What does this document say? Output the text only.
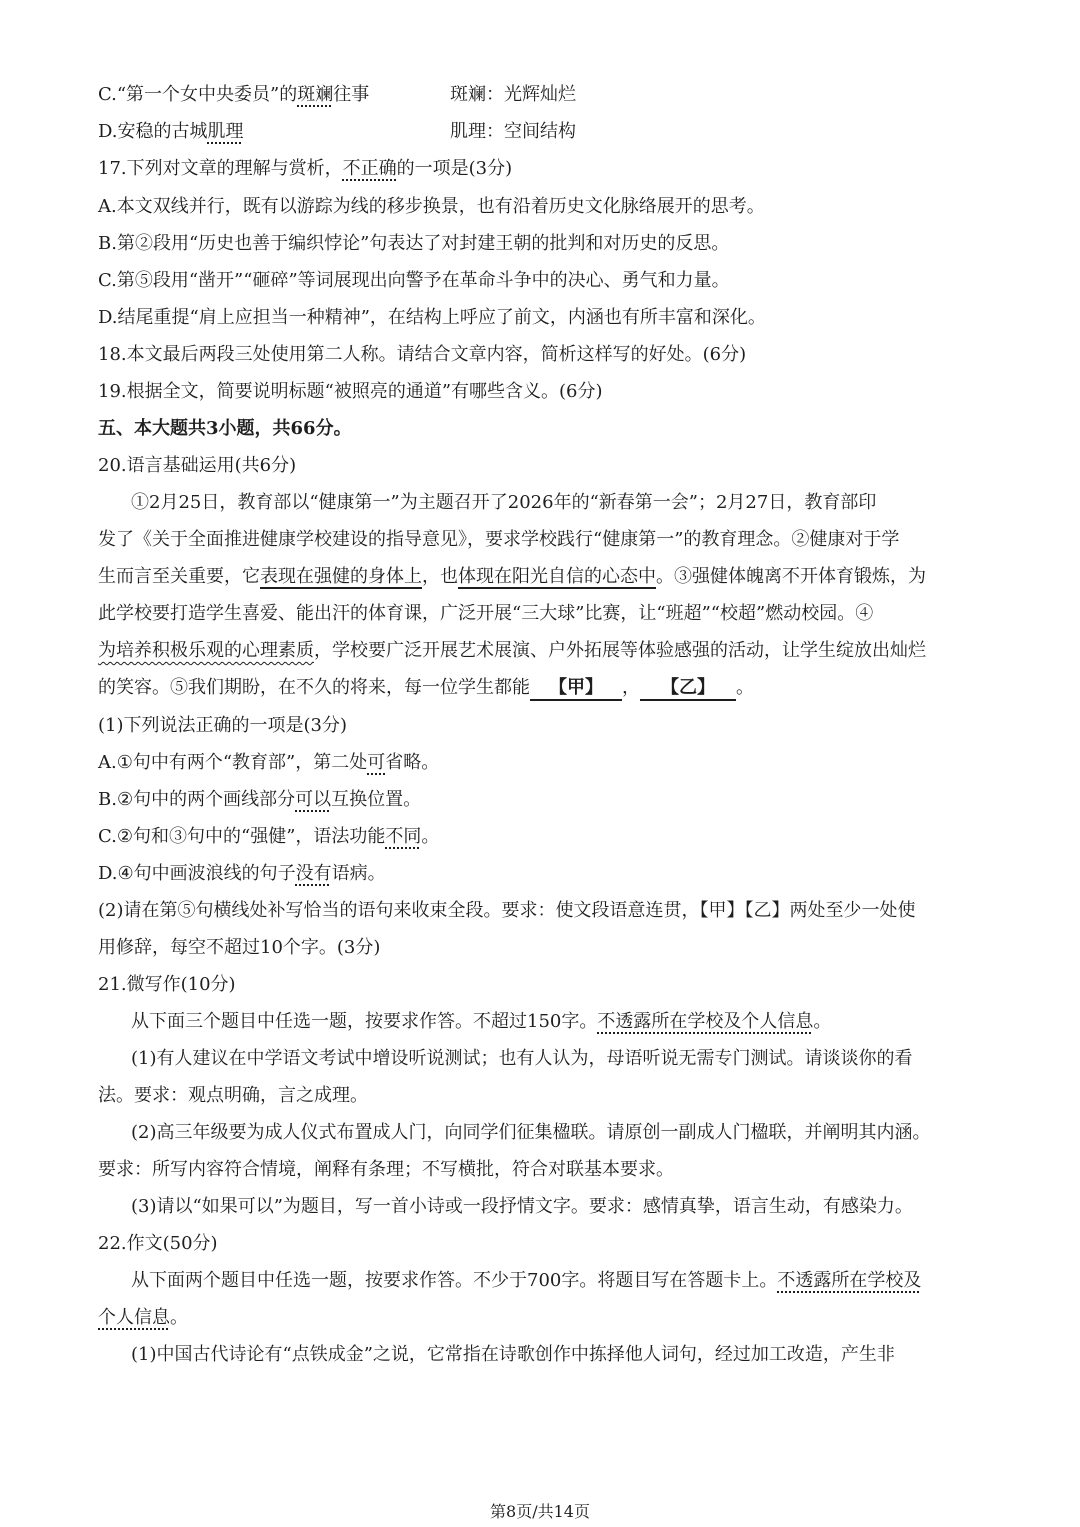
C.“第一个女中央委员”的斑斓往事	斑斓：光辉灿烂
D.安稳的古城肌理	肌理：空间结构
17.下列对文章的理解与赏析，不正确的一项是(3分)
A.本文双线并行，既有以游踪为线的移步换景，也有沿着历史文化脉络展开的思考。
B.第②段用“历史也善于编织悖论”句表达了对封建王朝的批判和对历史的反思。
C.第⑤段用“凿开”“砸碎”等词展现出向警予在革命斗争中的决心、勇气和力量。
D.结尾重提“肩上应担当一种精神”，在结构上呼应了前文，内涵也有所丰富和深化。
18.本文最后两段三处使用第二人称。请结合文章内容，简析这样写的好处。(6分)
19.根据全文，简要说明标题“被照亮的通道”有哪些含义。(6分)
五、本大题共3小题，共66分。
20.语言基础运用(共6分)
①2月25日，教育部以“健康第一”为主题召开了2026年的“新春第一会”；2月27日，教育部印
发了《关于全面推进健康学校建设的指导意见》，要求学校践行“健康第一”的教育理念。②健康对于学
生而言至关重要，它表现在强健的身体上，也体现在阳光自信的心态中。③强健体魄离不开体育锻炼，为
此学校要打造学生喜爱、能出汗的体育课，广泛开展“三大球”比赛，让“班超”“校超”燃动校园。④
为培养积极乐观的心理素质，学校要广泛开展艺术展演、户外拓展等体验感强的活动，让学生绽放出灿烂
的笑容。⑤我们期盼，在不久的将来，每一位学生都能 【甲】 ， 【乙】 。
(1)下列说法正确的一项是(3分)
A.①句中有两个“教育部”，第二处可省略。
B.②句中的两个画线部分可以互换位置。
C.②句和③句中的“强健”，语法功能不同。
D.④句中画波浪线的句子没有语病。
(2)请在第⑤句横线处补写恰当的语句来收束全段。要求：使文段语意连贯，【甲】【乙】两处至少一处使
用修辞，每空不超过10个字。(3分)
21.微写作(10分)
从下面三个题目中任选一题，按要求作答。不超过150字。不透露所在学校及个人信息。
(1)有人建议在中学语文考试中增设听说测试；也有人认为，母语听说无需专门测试。请谈谈你的看
法。要求：观点明确，言之成理。
(2)高三年级要为成人仪式布置成人门，向同学们征集楹联。请原创一副成人门楹联，并阐明其内涵。
要求：所写内容符合情境，阐释有条理；不写横批，符合对联基本要求。
(3)请以“如果可以”为题目，写一首小诗或一段抒情文字。要求：感情真挚，语言生动，有感染力。
22.作文(50分)
从下面两个题目中任选一题，按要求作答。不少于700字。将题目写在答题卡上。不透露所在学校及
个人信息。
(1)中国古代诗论有“点铁成金”之说，它常指在诗歌创作中拣择他人词句，经过加工改造，产生非
第8页/共14页
